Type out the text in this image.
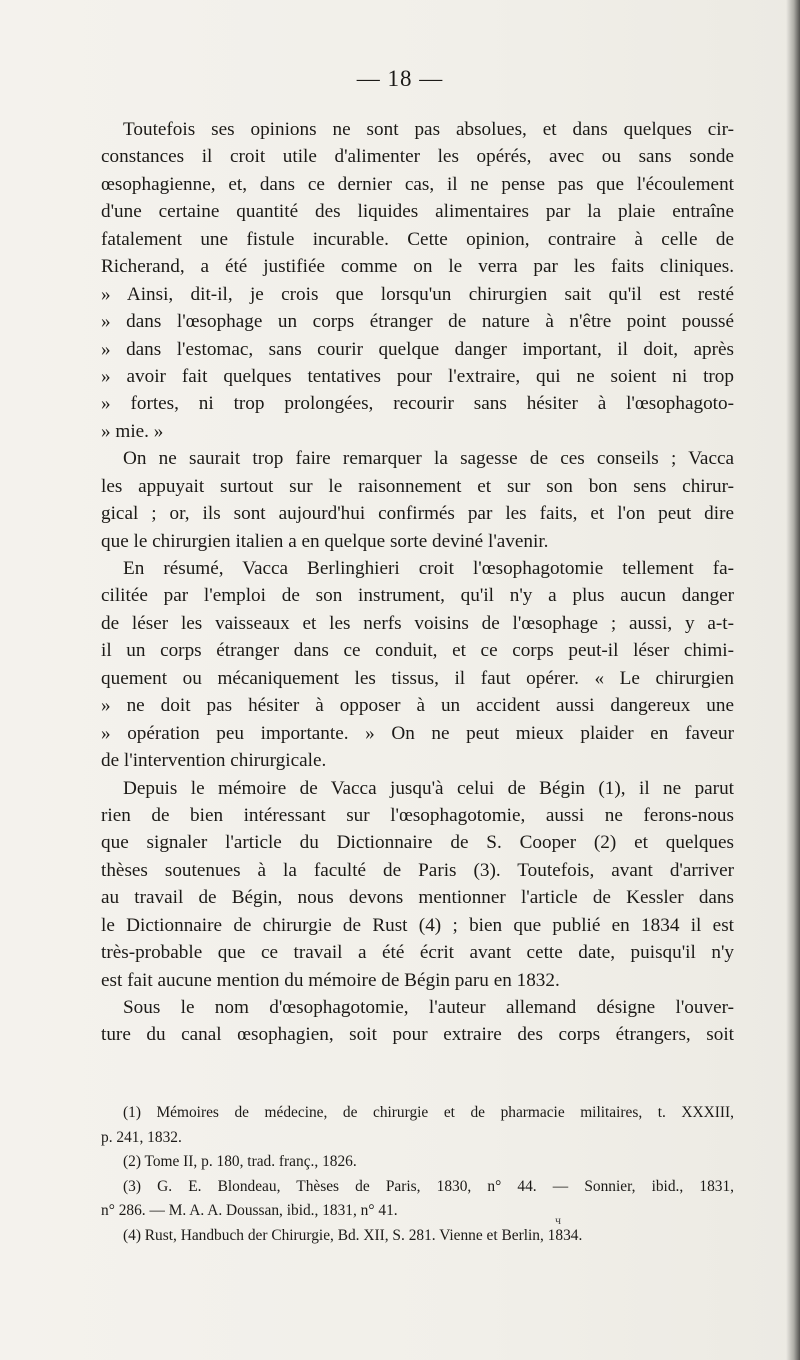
— 18 —

Toutefois ses opinions ne sont pas absolues, et dans quelques cir-

constances il croit utile d'alimenter les opérés, avec ou sans sonde

œsophagienne, et, dans ce dernier cas, il ne pense pas que l'écoulement

d'une certaine quantité des liquides alimentaires par la plaie entraîne

fatalement une fistule incurable. Cette opinion, contraire à celle de

Richerand, a été justifiée comme on le verra par les faits cliniques.

» Ainsi, dit-il, je crois que lorsqu'un chirurgien sait qu'il est resté

» dans l'œsophage un corps étranger de nature à n'être point poussé

» dans l'estomac, sans courir quelque danger important, il doit, après

» avoir fait quelques tentatives pour l'extraire, qui ne soient ni trop

» fortes, ni trop prolongées, recourir sans hésiter à l'œsophagoto-

» mie. »

On ne saurait trop faire remarquer la sagesse de ces conseils ; Vacca

les appuyait surtout sur le raisonnement et sur son bon sens chirur-

gical ; or, ils sont aujourd'hui confirmés par les faits, et l'on peut dire

que le chirurgien italien a en quelque sorte deviné l'avenir.

En résumé, Vacca Berlinghieri croit l'œsophagotomie tellement fa-

cilitée par l'emploi de son instrument, qu'il n'y a plus aucun danger

de léser les vaisseaux et les nerfs voisins de l'œsophage ; aussi, y a-t-

il un corps étranger dans ce conduit, et ce corps peut-il léser chimi-

quement ou mécaniquement les tissus, il faut opérer. « Le chirurgien

» ne doit pas hésiter à opposer à un accident aussi dangereux une

» opération peu importante. » On ne peut mieux plaider en faveur

de l'intervention chirurgicale.

Depuis le mémoire de Vacca jusqu'à celui de Bégin (1), il ne parut

rien de bien intéressant sur l'œsophagotomie, aussi ne ferons-nous

que signaler l'article du Dictionnaire de S. Cooper (2) et quelques

thèses soutenues à la faculté de Paris (3). Toutefois, avant d'arriver

au travail de Bégin, nous devons mentionner l'article de Kessler dans

le Dictionnaire de chirurgie de Rust (4) ; bien que publié en 1834 il est

très-probable que ce travail a été écrit avant cette date, puisqu'il n'y

est fait aucune mention du mémoire de Bégin paru en 1832.

Sous le nom d'œsophagotomie, l'auteur allemand désigne l'ouver-

ture du canal œsophagien, soit pour extraire des corps étrangers, soit

(1) Mémoires de médecine, de chirurgie et de pharmacie militaires, t. XXXIII,

p. 241, 1832.

(2) Tome II, p. 180, trad. franç., 1826.

(3) G. E. Blondeau, Thèses de Paris, 1830, n° 44. — Sonnier, ibid., 1831,

n° 286. — M. A. A. Doussan, ibid., 1831, n° 41.

(4) Rust, Handbuch der Chirurgie, Bd. XII, S. 281. Vienne et Berlin, 1834.

ч
